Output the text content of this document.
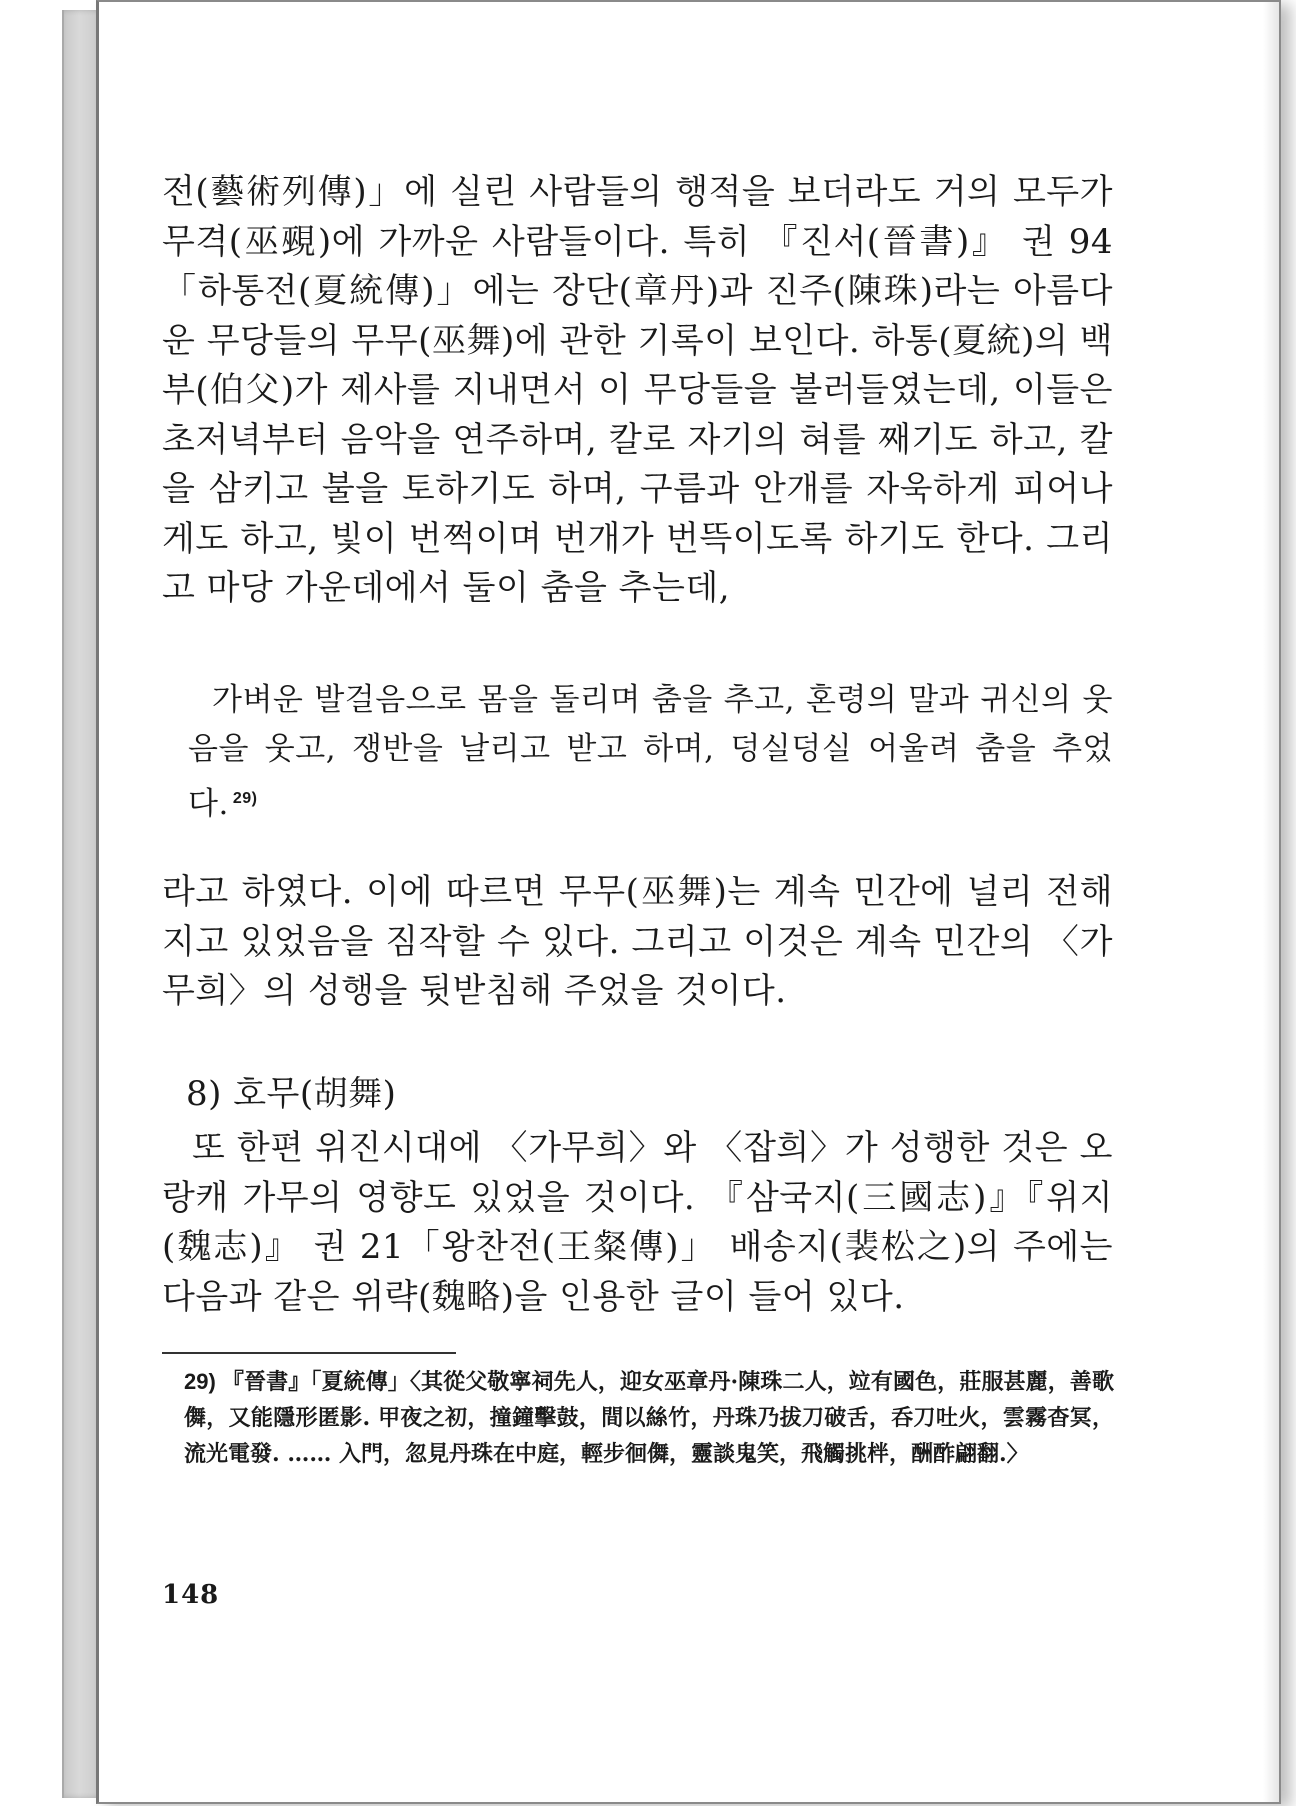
전(藝術列傳)」에 실린 사람들의 행적을 보더라도 거의 모두가 무격(巫覡)에 가까운 사람들이다. 특히 『진서(晉書)』 권 94「하통전(夏統傳)」에는 장단(章丹)과 진주(陳珠)라는 아름다운 무당들의 무무(巫舞)에 관한 기록이 보인다. 하통(夏統)의 백부(伯父)가 제사를 지내면서 이 무당들을 불러들였는데, 이들은 초저녁부터 음악을 연주하며, 칼로 자기의 혀를 째기도 하고, 칼을 삼키고 불을 토하기도 하며, 구름과 안개를 자욱하게 피어나게도 하고, 빛이 번쩍이며 번개가 번뜩이도록 하기도 한다. 그리고 마당 가운데에서 둘이 춤을 추는데,

가벼운 발걸음으로 몸을 돌리며 춤을 추고, 혼령의 말과 귀신의 웃음을 웃고, 쟁반을 날리고 받고 하며, 덩실덩실 어울려 춤을 추었다. $^{29)}$

라고 하였다. 이에 따르면 무무(巫舞)는 계속 민간에 널리 전해지고 있었음을 짐작할 수 있다. 그리고 이것은 계속 민간의 〈가무희〉의 성행을 뒷받침해 주었을 것이다.

8) 호무(胡舞)

또 한편 위진시대에 〈가무희〉와 〈잡희〉가 성행한 것은 오랑캐 가무의 영향도 있었을 것이다. 『삼국지(三國志)』『위지(魏志)』 권 21「왕찬전(王粲傳)」 배송지(裴松之)의 주에는 다음과 같은 위략(魏略)을 인용한 글이 들어 있다.

29) 『晉書』「夏統傳」〈其從父敬寧祠先人，迎女巫章丹·陳珠二人，竝有國色，莊服甚麗，善歌儛，又能隱形匿影. 甲夜之初，撞鐘擊鼓，間以絲竹，丹珠乃拔刀破舌，呑刀吐火，雲霧杳冥，流光電發. …… 入門，忽見丹珠在中庭，輕步徊儛，靈談鬼笑，飛觸挑柈，酬酢翩翻.〉
148
